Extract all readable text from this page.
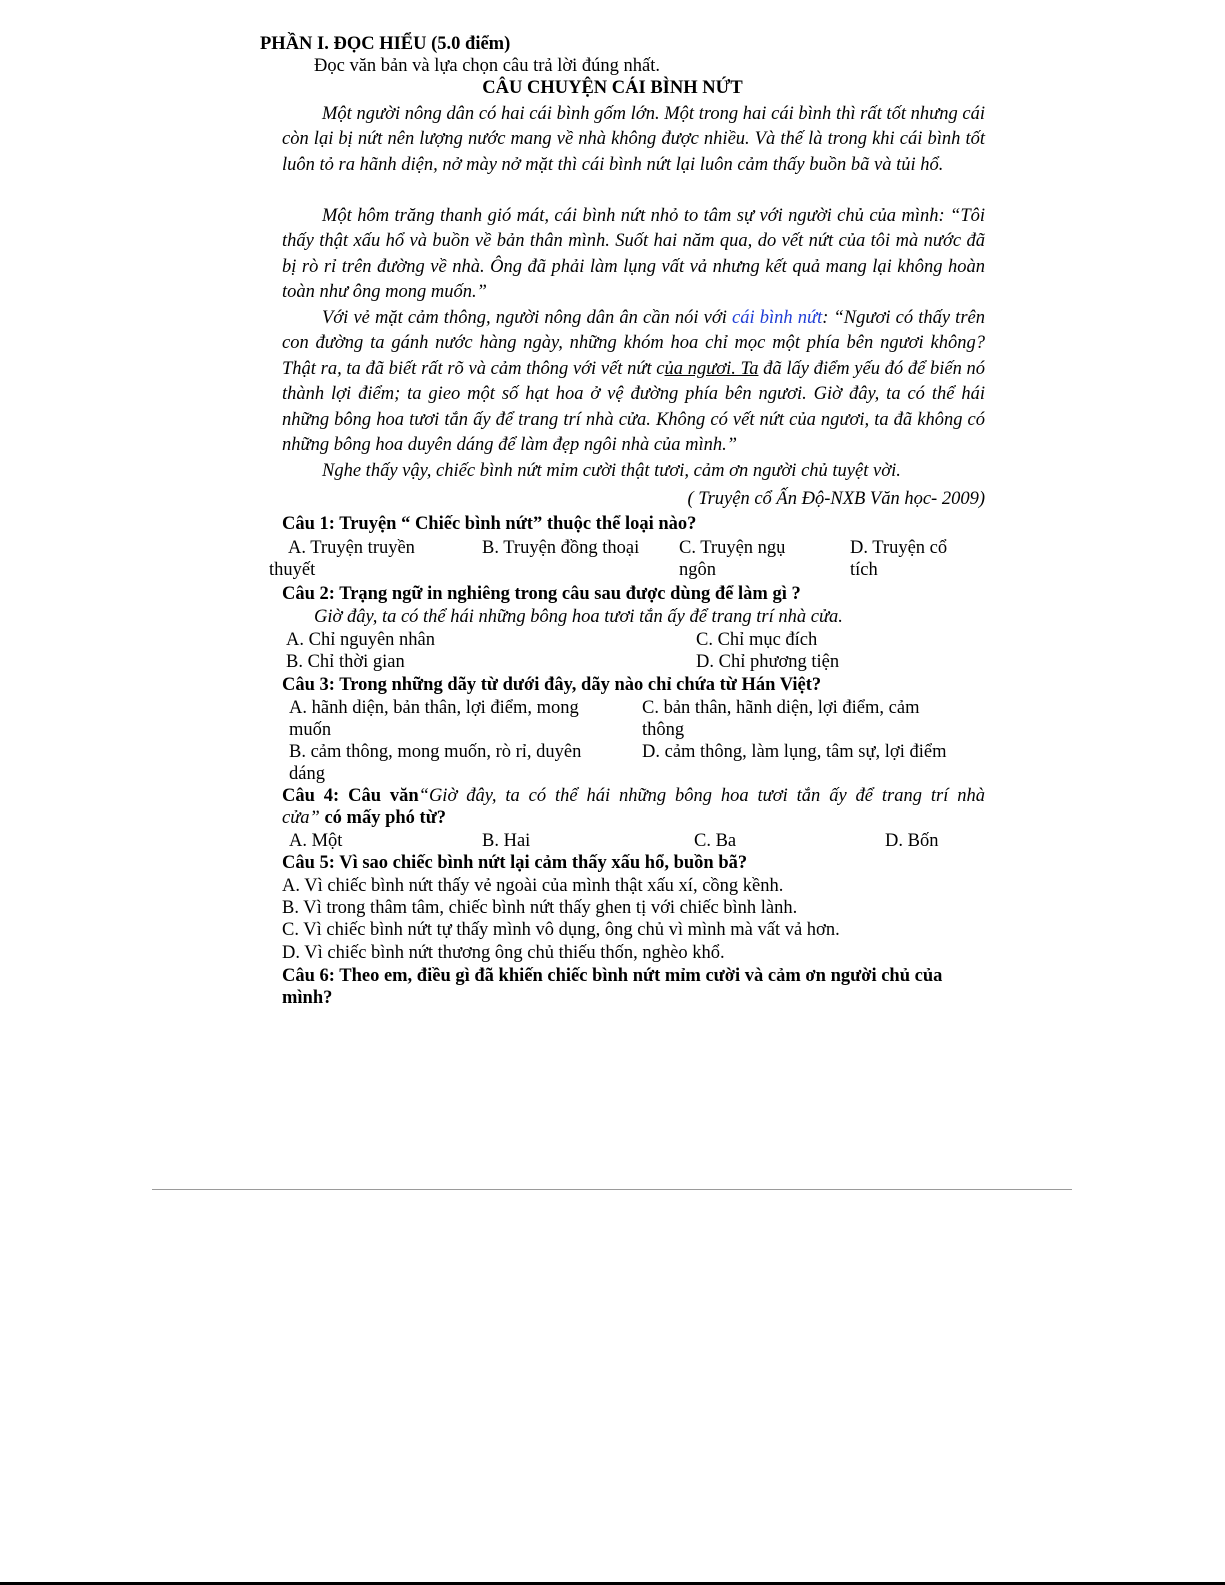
PHẦN I. ĐỌC HIỂU (5.0 điểm)
Đọc văn bản và lựa chọn câu trả lời đúng nhất.
CÂU CHUYỆN CÁI BÌNH NỨT
Một người nông dân có hai cái bình gốm lớn. Một trong hai cái bình thì rất tốt nhưng cái còn lại bị nứt nên lượng nước mang về nhà không được nhiều. Và thế là trong khi cái bình tốt luôn tỏ ra hãnh diện, nở mày nở mặt thì cái bình nứt lại luôn cảm thấy buồn bã và tủi hổ.
Một hôm trăng thanh gió mát, cái bình nứt nhỏ to tâm sự với người chủ của mình: “Tôi thấy thật xấu hổ và buồn về bản thân mình. Suốt hai năm qua, do vết nứt của tôi mà nước đã bị rò rỉ trên đường về nhà. Ông đã phải làm lụng vất vả nhưng kết quả mang lại không hoàn toàn như ông mong muốn.”
Với vẻ mặt cảm thông, người nông dân ân cần nói với cái bình nứt: “Ngươi có thấy trên con đường ta gánh nước hàng ngày, những khóm hoa chỉ mọc một phía bên ngươi không? Thật ra, ta đã biết rất rõ và cảm thông với vết nứt của ngươi. Ta đã lấy điểm yếu đó để biến nó thành lợi điểm; ta gieo một số hạt hoa ở vệ đường phía bên ngươi. Giờ đây, ta có thể hái những bông hoa tươi tắn ấy để trang trí nhà cửa. Không có vết nứt của ngươi, ta đã không có những bông hoa duyên dáng để làm đẹp ngôi nhà của mình.”
Nghe thấy vậy, chiếc bình nứt mỉm cười thật tươi, cảm ơn người chủ tuyệt vời.
( Truyện cổ Ấn Độ-NXB Văn học- 2009)
Câu 1: Truyện “ Chiếc bình nứt” thuộc thể loại nào?
A. Truyện truyền
thuyết
B. Truyện đồng thoại C. Truyện ngụ
ngôn
D. Truyện cổ
tích
Câu 2: Trạng ngữ in nghiêng trong câu sau được dùng để làm gì ?
Giờ đây, ta có thể hái những bông hoa tươi tắn ấy để trang trí nhà cửa.
A. Chỉ nguyên nhân
B. Chỉ thời gian
C. Chỉ mục đích
D. Chỉ phương tiện
Câu 3: Trong những dãy từ dưới đây, dãy nào chỉ chứa từ Hán Việt?
A. hãnh diện, bản thân, lợi điểm, mong
muốn
C. bản thân, hãnh diện, lợi điểm, cảm
thông
B. cảm thông, mong muốn, rò rỉ, duyên
dáng
D. cảm thông, làm lụng, tâm sự, lợi điểm
Câu 4: Câu văn“Giờ đây, ta có thể hái những bông hoa tươi tắn ấy để trang trí nhà
cửa” có mấy phó từ?
A. Một	B. Hai	C. Ba	D. Bốn
Câu 5: Vì sao chiếc bình nứt lại cảm thấy xấu hổ, buồn bã?
A. Vì chiếc bình nứt thấy vẻ ngoài của mình thật xấu xí, cồng kềnh.
B. Vì trong thâm tâm, chiếc bình nứt thấy ghen tị với chiếc bình lành.
C. Vì chiếc bình nứt tự thấy mình vô dụng, ông chủ vì mình mà vất vả hơn.
D. Vì chiếc bình nứt thương ông chủ thiếu thốn, nghèo khổ.
Câu 6: Theo em, điều gì đã khiến chiếc bình nứt mỉm cười và cảm ơn người chủ của
mình?
